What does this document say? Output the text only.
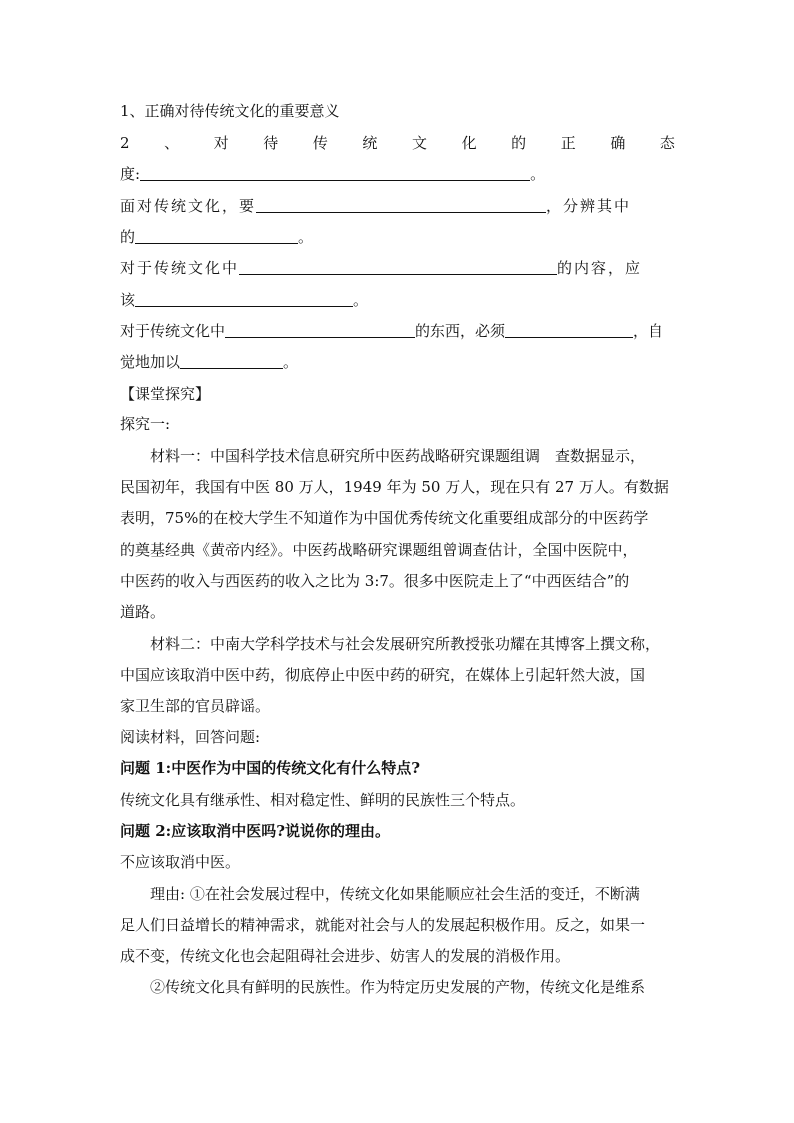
1、正确对待传统文化的重要意义
2 、 对 待 传 统 文 化 的 正 确 态
度:	。
面对传统文化，要	，分辨其中
的	。
对于传统文化中	的内容，应
该	。
对于传统文化中	的东西，必须	，自
觉地加以	。
【课堂探究】
探究一:
材料一：中国科学技术信息研究所中医药战略研究课题组调　查数据显示，
民国初年，我国有中医 80 万人，1949 年为 50 万人，现在只有 27 万人。有数据
表明，75%的在校大学生不知道作为中国优秀传统文化重要组成部分的中医药学
的奠基经典《黄帝内经》。中医药战略研究课题组曾调查估计，全国中医院中，
中医药的收入与西医药的收入之比为 3:7。很多中医院走上了“中西医结合”的
道路。
材料二：中南大学科学技术与社会发展研究所教授张功耀在其博客上撰文称，
中国应该取消中医中药，彻底停止中医中药的研究，在媒体上引起轩然大波，国
家卫生部的官员辟谣。
阅读材料，回答问题:
问题 1:中医作为中国的传统文化有什么特点?
传统文化具有继承性、相对稳定性、鲜明的民族性三个特点。
问题 2:应该取消中医吗?说说你的理由。
不应该取消中医。
理由: ①在社会发展过程中，传统文化如果能顺应社会生活的变迁，不断满
足人们日益增长的精神需求，就能对社会与人的发展起积极作用。反之，如果一
成不变，传统文化也会起阻碍社会进步、妨害人的发展的消极作用。
②传统文化具有鲜明的民族性。作为特定历史发展的产物，传统文化是维系
